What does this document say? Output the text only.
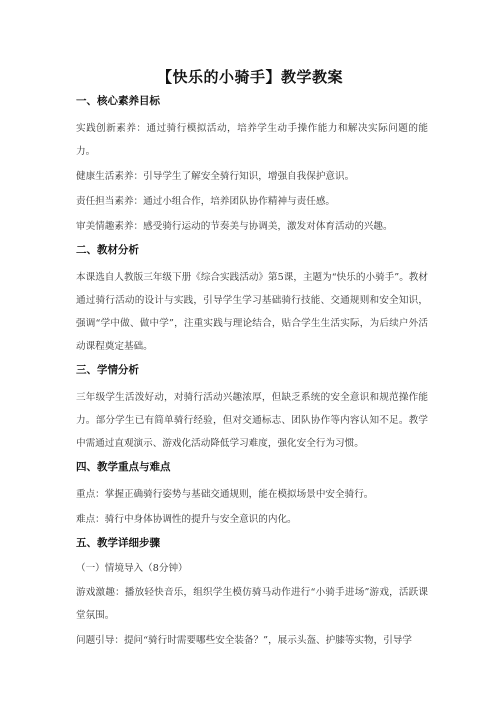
【快乐的小骑手】教学教案
一、核心素养目标

实践创新素养：通过骑行模拟活动，培养学生动手操作能力和解决实际问题的能力。

健康生活素养：引导学生了解安全骑行知识，增强自我保护意识。

责任担当素养：通过小组合作，培养团队协作精神与责任感。

审美情趣素养：感受骑行运动的节奏美与协调美，激发对体育活动的兴趣。

二、教材分析

本课选自人教版三年级下册《综合实践活动》第5课，主题为“快乐的小骑手”。教材通过骑行活动的设计与实践，引导学生学习基础骑行技能、交通规则和安全知识，强调“学中做、做中学”，注重实践与理论结合，贴合学生生活实际，为后续户外活动课程奠定基础。

三、学情分析

三年级学生活泼好动，对骑行活动兴趣浓厚，但缺乏系统的安全意识和规范操作能力。部分学生已有简单骑行经验，但对交通标志、团队协作等内容认知不足。教学中需通过直观演示、游戏化活动降低学习难度，强化安全行为习惯。

四、教学重点与难点

重点：掌握正确骑行姿势与基础交通规则，能在模拟场景中安全骑行。

难点：骑行中身体协调性的提升与安全意识的内化。

五、教学详细步骤
（一）情境导入（8分钟）

游戏激趣：播放轻快音乐，组织学生模仿骑马动作进行“小骑手进场”游戏，活跃课堂氛围。

问题引导：提问“骑行时需要哪些安全装备？”，展示头盔、护膝等实物，引导学
